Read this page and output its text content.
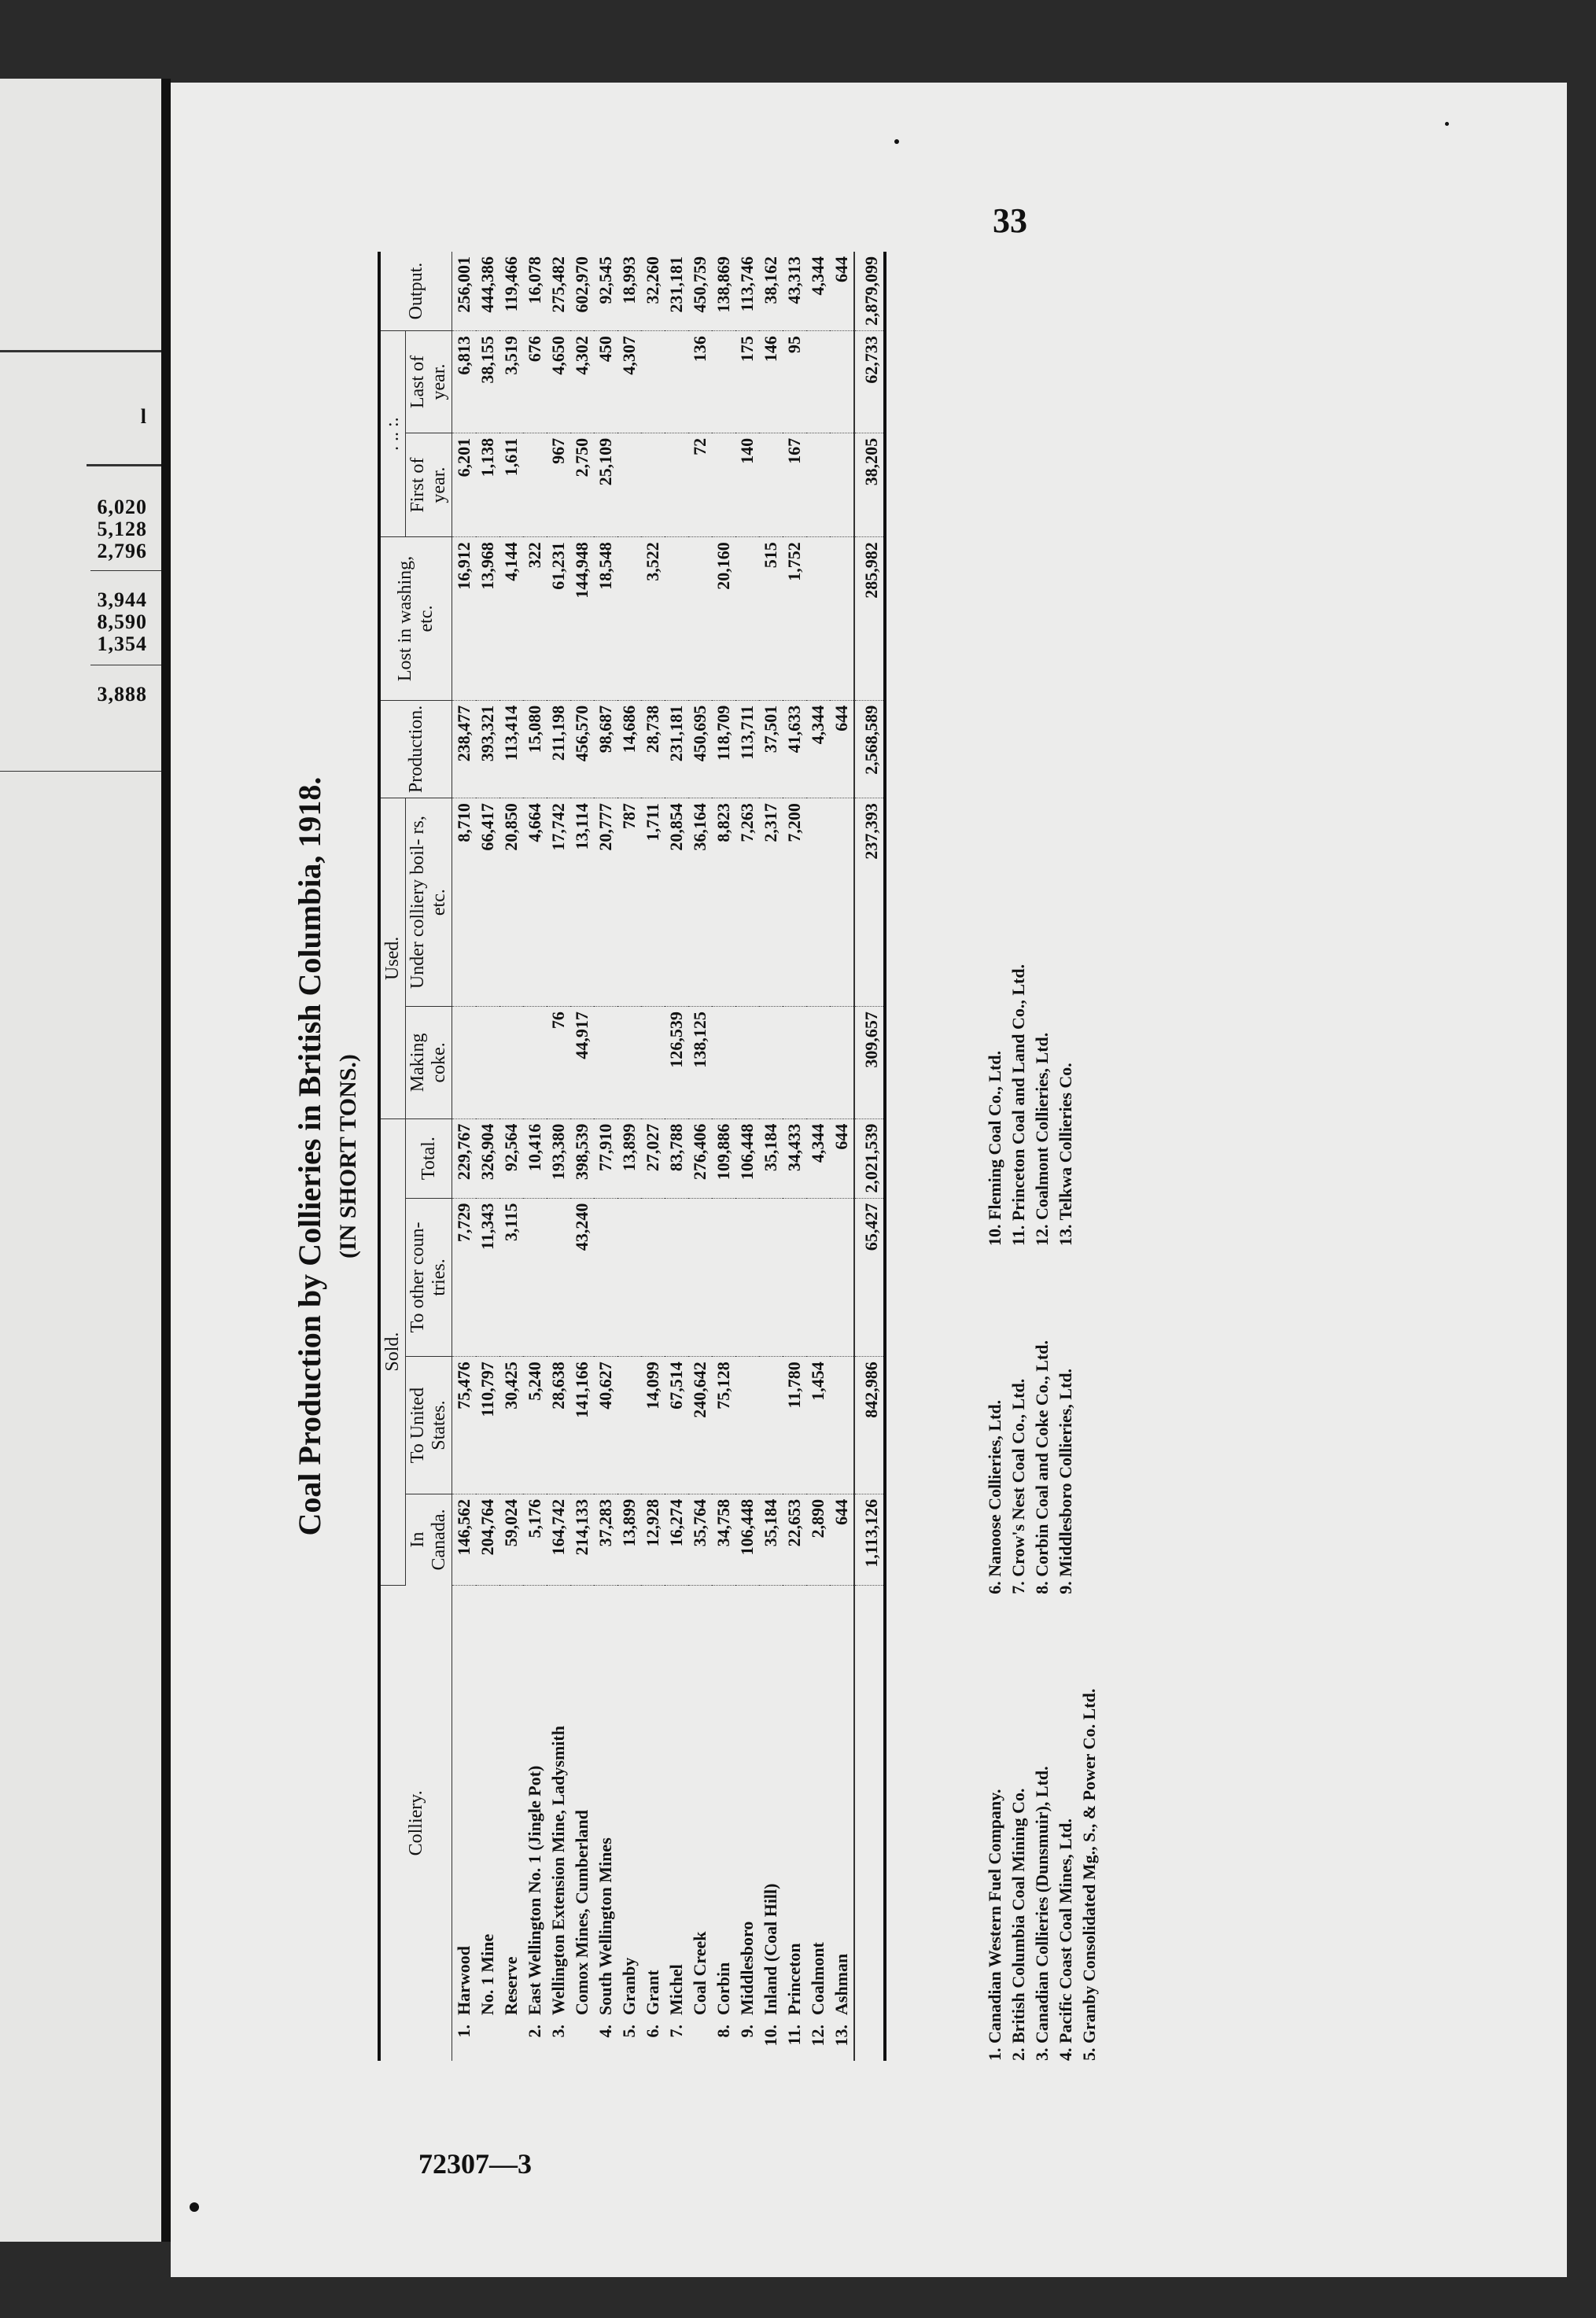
l
6,020
5,128
2,796
3,944
8,590
1,354
3,888
33
72307—3
Coal Production by Collieries in British Columbia, 1918. (IN SHORT TONS.)
Colliery.		Sold.				Used.		Production.	Lost in washing, etc.	. .. :.		Output.
		In Canada.	To United States.	To other coun- tries.	Total.	Making coke.	Under colliery boil- rs, etc.			First of year.	Last of year.	
1.	Harwood	146,562	75,476	7,729	229,767		8,710	238,477	16,912	6,201	6,813	256,001
	No. 1 Mine	204,764	110,797	11,343	326,904		66,417	393,321	13,968	1,138	38,155	444,386
	Reserve	59,024	30,425	3,115	92,564		20,850	113,414	4,144	1,611	3,519	119,466
2.	East Wellington No. 1 (Jingle Pot)	5,176	5,240		10,416		4,664	15,080	322		676	16,078
3.	Wellington Extension Mine, Ladysmith	164,742	28,638		193,380	76	17,742	211,198	61,231	967	4,650	275,482
	Comox Mines, Cumberland	214,133	141,166	43,240	398,539	44,917	13,114	456,570	144,948	2,750	4,302	602,970
4.	South Wellington Mines	37,283	40,627		77,910		20,777	98,687	18,548	25,109	450	92,545
5.	Granby	13,899			13,899		787	14,686			4,307	18,993
6.	Grant	12,928	14,099		27,027		1,711	28,738	3,522			32,260
7.	Michel	16,274	67,514		83,788	126,539	20,854	231,181				231,181
	Coal Creek	35,764	240,642		276,406	138,125	36,164	450,695		72	136	450,759
8.	Corbin	34,758	75,128		109,886		8,823	118,709	20,160			138,869
9.	Middlesboro	106,448			106,448		7,263	113,711		140	175	113,746
10.	Inland (Coal Hill)	35,184			35,184		2,317	37,501	515		146	38,162
11.	Princeton	22,653	11,780		34,433		7,200	41,633	1,752	167	95	43,313
12.	Coalmont	2,890	1,454		4,344			4,344				4,344
13.	Ashman	644			644			644				644
		1,113,126	842,986	65,427	2,021,539	309,657	237,393	2,568,589	285,982	38,205	62,733	2,879,099
1. Canadian Western Fuel Company. 2. British Columbia Coal Mining Co. 3. Canadian Collieries (Dunsmuir), Ltd. 4. Pacific Coast Coal Mines, Ltd. 5. Granby Consolidated Mg., S., & Power Co. Ltd.
6. Nanoose Collieries, Ltd. 7. Crow's Nest Coal Co., Ltd. 8. Corbin Coal and Coke Co., Ltd. 9. Middlesboro Collieries, Ltd.
10. Fleming Coal Co., Ltd. 11. Princeton Coal and Land Co., Ltd. 12. Coalmont Collieries, Ltd. 13. Telkwa Collieries Co.
